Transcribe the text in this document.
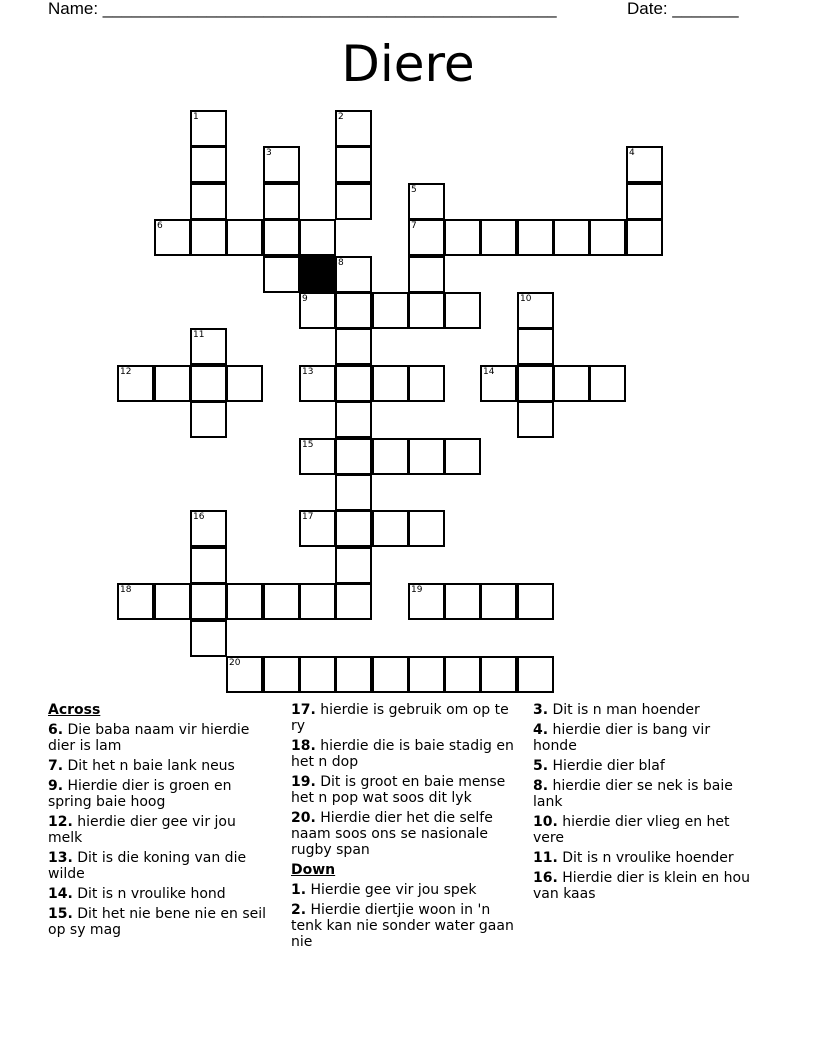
Name: ________________________________________________	Date: _______
Diere
1	2
3	4
5
6	7
8
9	10
11
12	13	14
15
16	17
18	19
20
Across
6. Die baba naam vir hierdie dier is lam
7. Dit het n baie lank neus
9. Hierdie dier is groen en spring baie hoog
12. hierdie dier gee vir jou melk
13. Dit is die koning van die wilde
14. Dit is n vroulike hond
15. Dit het nie bene nie en seil op sy mag
17. hierdie is gebruik om op te ry
18. hierdie die is baie stadig en het n dop
19. Dit is groot en baie mense het n pop wat soos dit lyk
20. Hierdie dier het die selfe naam soos ons se nasionale rugby span
Down
1. Hierdie gee vir jou spek
2. Hierdie diertjie woon in 'n tenk kan nie sonder water gaan nie
3. Dit is n man hoender
4. hierdie dier is bang vir honde
5. Hierdie dier blaf
8. hierdie dier se nek is baie lank
10. hierdie dier vlieg en het vere
11. Dit is n vroulike hoender
16. Hierdie dier is klein en hou van kaas
